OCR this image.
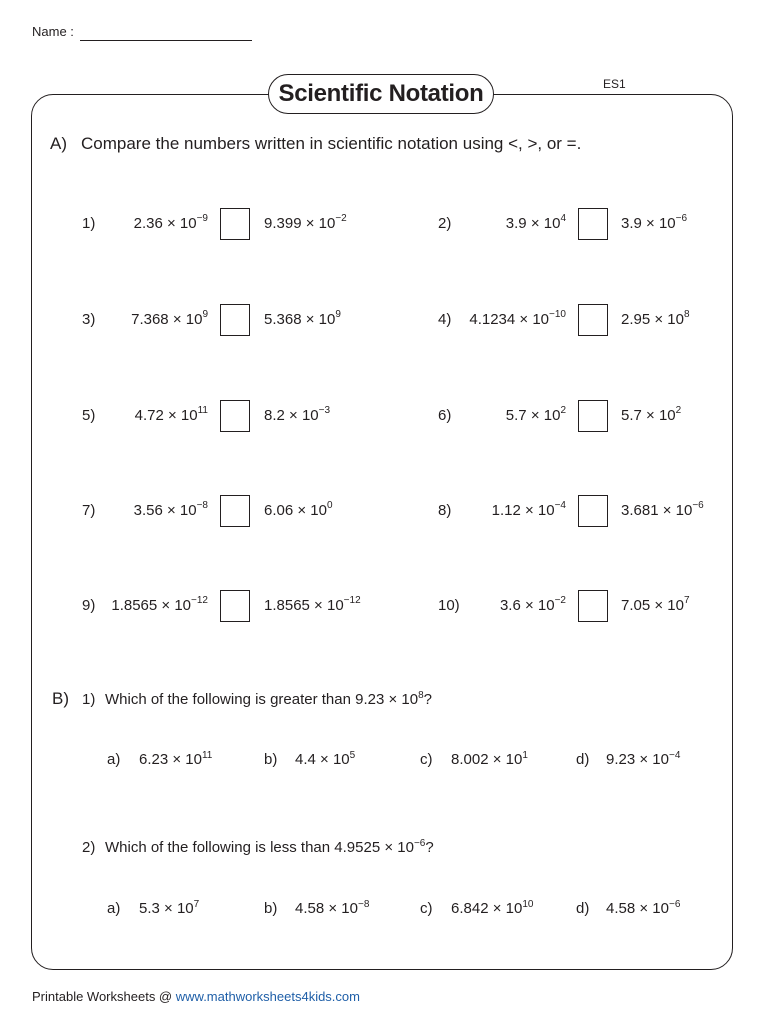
Name :
Scientific Notation	ES1
A) Compare the numbers written in scientific notation using <, >, or =.
1)	$2.36 \times 10^{-9}$	$9.399 \times 10^{-2}$	2)	$3.9 \times 10^4$	$3.9 \times 10^{-6}$
3) $7.368 \times 10^9$	$5.368 \times 10^9$	4) $4.1234 \times 10^{-10}$	$2.95 \times 10^8$
5)	$4.72 \times 10^{11}$	$8.2 \times 10^{-3}$	6)	$5.7 \times 10^2$	$5.7 \times 10^2$
7)	$3.56 \times 10^{-8}$	$6.06 \times 10^0$	8)	$1.12 \times 10^{-4}$	$3.681 \times 10^{-6}$
9) $1.8565 \times 10^{-12}$	$1.8565 \times 10^{-12}$	10)	$3.6 \times 10^{-2}$	$7.05 \times 10^7$
B) 1) Which of the following is greater than $9.23 \times 10^8$?
a) $6.23 \times 10^{11}$	b) $4.4 \times 10^5$	c) $8.002 \times 10^1$	d) $9.23 \times 10^{-4}$
2) Which of the following is less than $4.9525 \times 10^{-6}$?
a) $5.3 \times 10^7$	b) $4.58 \times 10^{-8}$	c) $6.842 \times 10^{10}$	d) $4.58 \times 10^{-6}$
Printable Worksheets @ www.mathworksheets4kids.com
